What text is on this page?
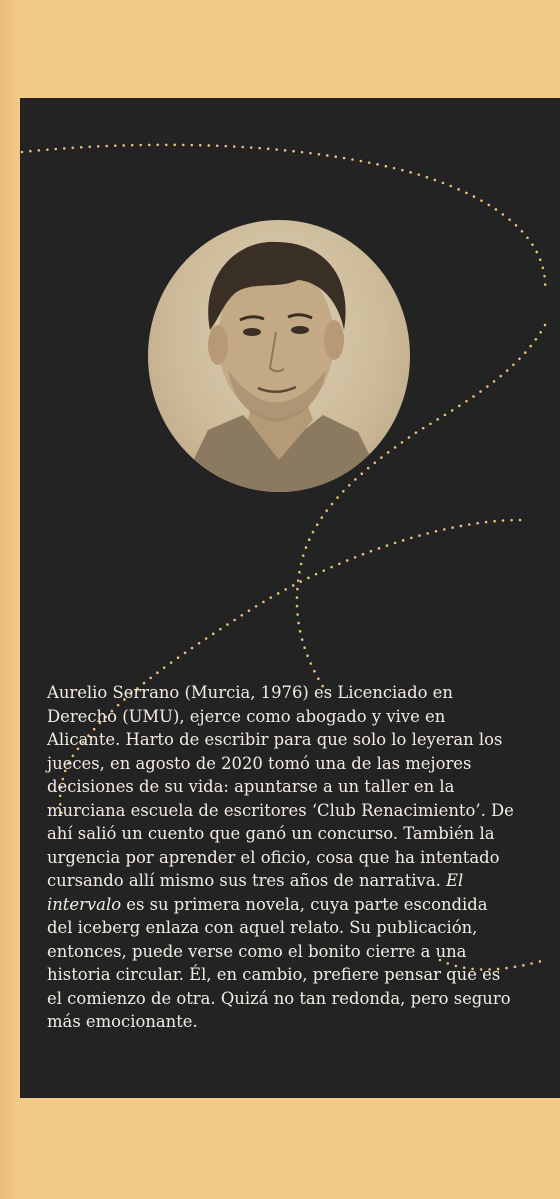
Aurelio Serrano (Murcia, 1976) es Licenciado en Derecho (UMU), ejerce como abogado y vive en Alicante. Harto de escribir para que solo lo leyeran los jueces, en agosto de 2020 tomó una de las mejores decisiones de su vida: apuntarse a un taller en la murciana escuela de escritores ‘Club Renacimiento’. De ahí salió un cuento que ganó un concurso. También la urgencia por aprender el oficio, cosa que ha intentado cursando allí mismo sus tres años de narrativa. El intervalo es su primera novela, cuya parte escondida del iceberg enlaza con aquel relato. Su publicación, entonces, puede verse como el bonito cierre a una historia circular. Él, en cambio, prefiere pensar que es el comienzo de otra. Quizá no tan redonda, pero seguro más emocionante.
